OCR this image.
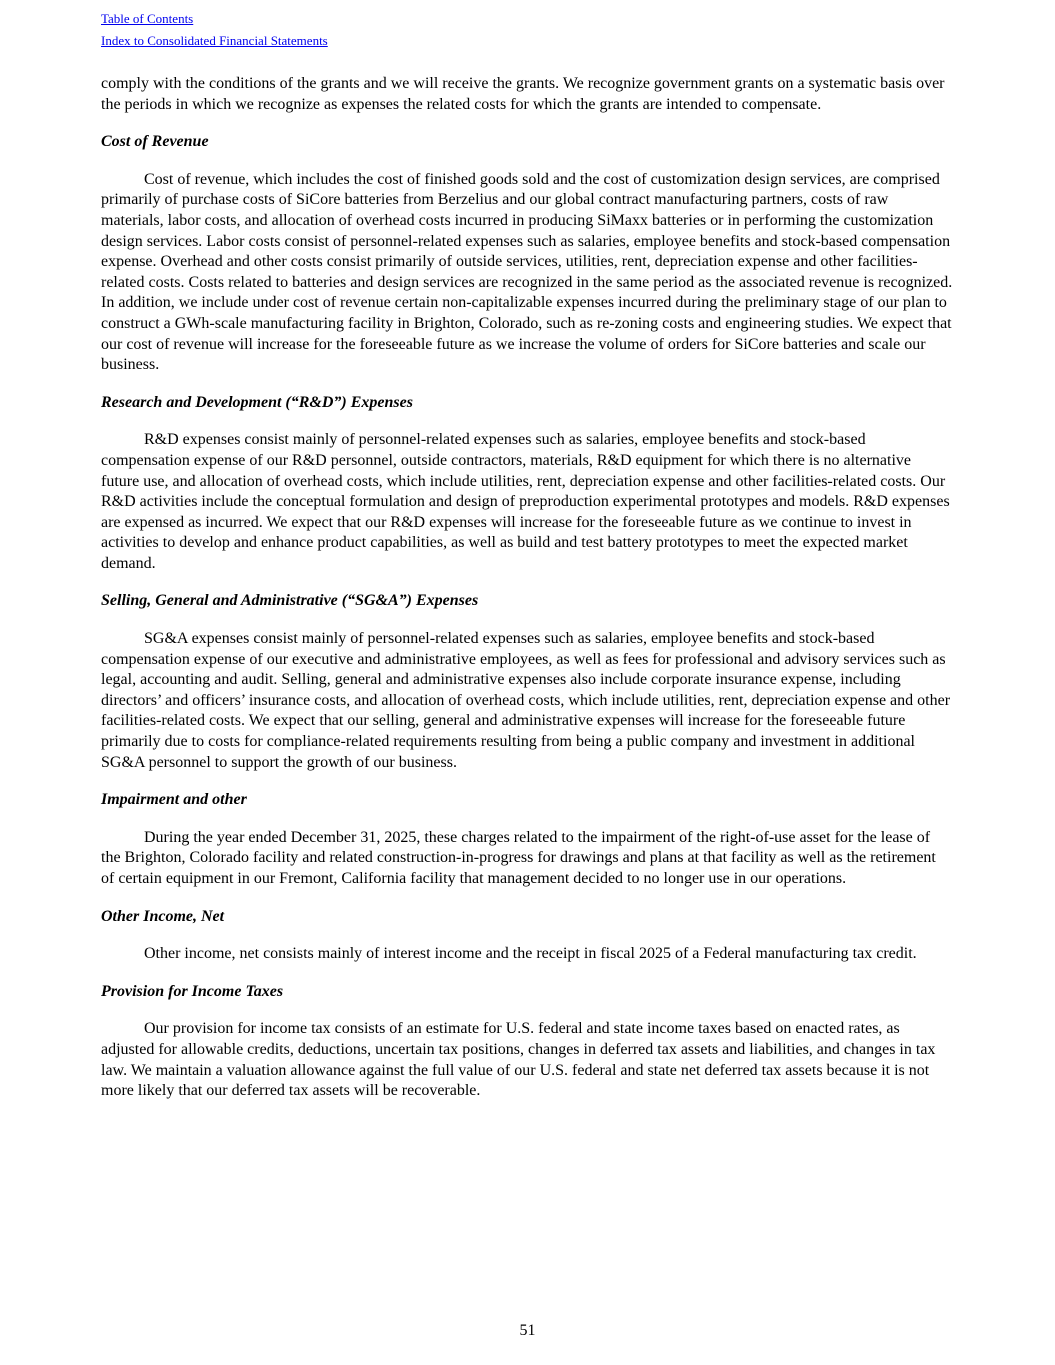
Table of Contents
Index to Consolidated Financial Statements

comply with the conditions of the grants and we will receive the grants. We recognize government grants on a systematic basis over the periods in which we recognize as expenses the related costs for which the grants are intended to compensate.

Cost of Revenue

Cost of revenue, which includes the cost of finished goods sold and the cost of customization design services, are comprised primarily of purchase costs of SiCore batteries from Berzelius and our global contract manufacturing partners, costs of raw materials, labor costs, and allocation of overhead costs incurred in producing SiMaxx batteries or in performing the customization design services. Labor costs consist of personnel-related expenses such as salaries, employee benefits and stock-based compensation expense. Overhead and other costs consist primarily of outside services, utilities, rent, depreciation expense and other facilities-related costs. Costs related to batteries and design services are recognized in the same period as the associated revenue is recognized. In addition, we include under cost of revenue certain non-capitalizable expenses incurred during the preliminary stage of our plan to construct a GWh-scale manufacturing facility in Brighton, Colorado, such as re-zoning costs and engineering studies. We expect that our cost of revenue will increase for the foreseeable future as we increase the volume of orders for SiCore batteries and scale our business.

Research and Development (“R&D”) Expenses

R&D expenses consist mainly of personnel-related expenses such as salaries, employee benefits and stock-based compensation expense of our R&D personnel, outside contractors, materials, R&D equipment for which there is no alternative future use, and allocation of overhead costs, which include utilities, rent, depreciation expense and other facilities-related costs. Our R&D activities include the conceptual formulation and design of preproduction experimental prototypes and models. R&D expenses are expensed as incurred. We expect that our R&D expenses will increase for the foreseeable future as we continue to invest in activities to develop and enhance product capabilities, as well as build and test battery prototypes to meet the expected market demand.

Selling, General and Administrative (“SG&A”) Expenses

SG&A expenses consist mainly of personnel-related expenses such as salaries, employee benefits and stock-based compensation expense of our executive and administrative employees, as well as fees for professional and advisory services such as legal, accounting and audit. Selling, general and administrative expenses also include corporate insurance expense, including directors’ and officers’ insurance costs, and allocation of overhead costs, which include utilities, rent, depreciation expense and other facilities-related costs. We expect that our selling, general and administrative expenses will increase for the foreseeable future primarily due to costs for compliance-related requirements resulting from being a public company and investment in additional SG&A personnel to support the growth of our business.

Impairment and other

During the year ended December 31, 2025, these charges related to the impairment of the right-of-use asset for the lease of the Brighton, Colorado facility and related construction-in-progress for drawings and plans at that facility as well as the retirement of certain equipment in our Fremont, California facility that management decided to no longer use in our operations.

Other Income, Net

Other income, net consists mainly of interest income and the receipt in fiscal 2025 of a Federal manufacturing tax credit.

Provision for Income Taxes

Our provision for income tax consists of an estimate for U.S. federal and state income taxes based on enacted rates, as adjusted for allowable credits, deductions, uncertain tax positions, changes in deferred tax assets and liabilities, and changes in tax law. We maintain a valuation allowance against the full value of our U.S. federal and state net deferred tax assets because it is not more likely that our deferred tax assets will be recoverable.

51
